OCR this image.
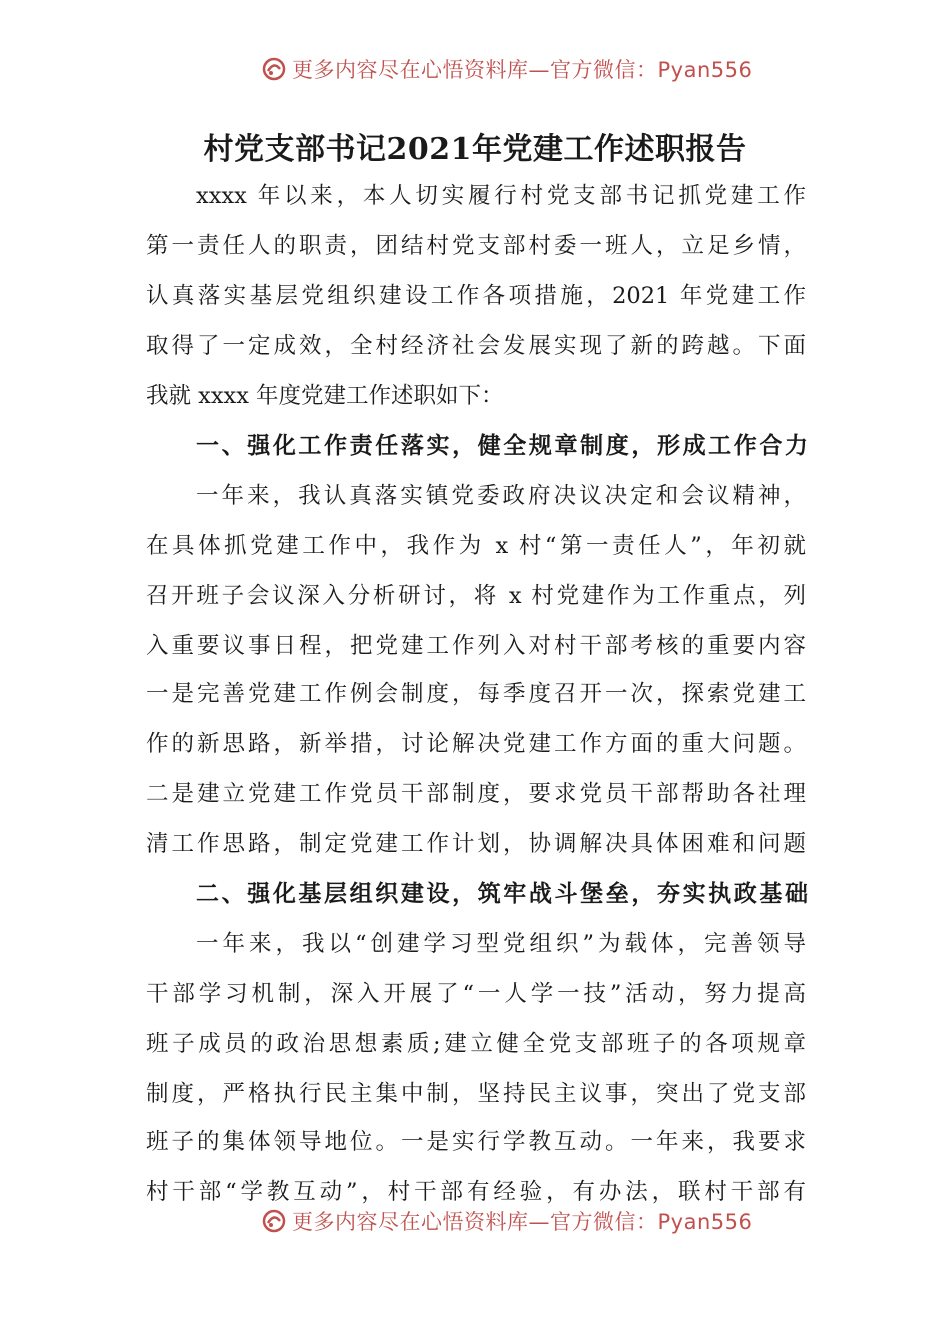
更多内容尽在心悟资料库—官方微信：Pyan556
村党支部书记2021年党建工作述职报告
xxxx 年以来，本人切实履行村党支部书记抓党建工作
第一责任人的职责，团结村党支部村委一班人，立足乡情，
认真落实基层党组织建设工作各项措施，2021 年党建工作
取得了一定成效，全村经济社会发展实现了新的跨越。下面
我就 xxxx 年度党建工作述职如下：
一、强化工作责任落实，健全规章制度，形成工作合力
一年来，我认真落实镇党委政府决议决定和会议精神，
在具体抓党建工作中，我作为 x 村“第一责任人”，年初就
召开班子会议深入分析研讨，将 x 村党建作为工作重点，列
入重要议事日程，把党建工作列入对村干部考核的重要内容
一是完善党建工作例会制度，每季度召开一次，探索党建工
作的新思路，新举措，讨论解决党建工作方面的重大问题。
二是建立党建工作党员干部制度，要求党员干部帮助各社理
清工作思路，制定党建工作计划，协调解决具体困难和问题
二、强化基层组织建设，筑牢战斗堡垒，夯实执政基础
一年来，我以“创建学习型党组织”为载体，完善领导
干部学习机制，深入开展了“一人学一技”活动，努力提高
班子成员的政治思想素质;建立健全党支部班子的各项规章
制度，严格执行民主集中制，坚持民主议事，突出了党支部
班子的集体领导地位。一是实行学教互动。一年来，我要求
村干部“学教互动”，村干部有经验，有办法，联村干部有
更多内容尽在心悟资料库—官方微信：Pyan556
